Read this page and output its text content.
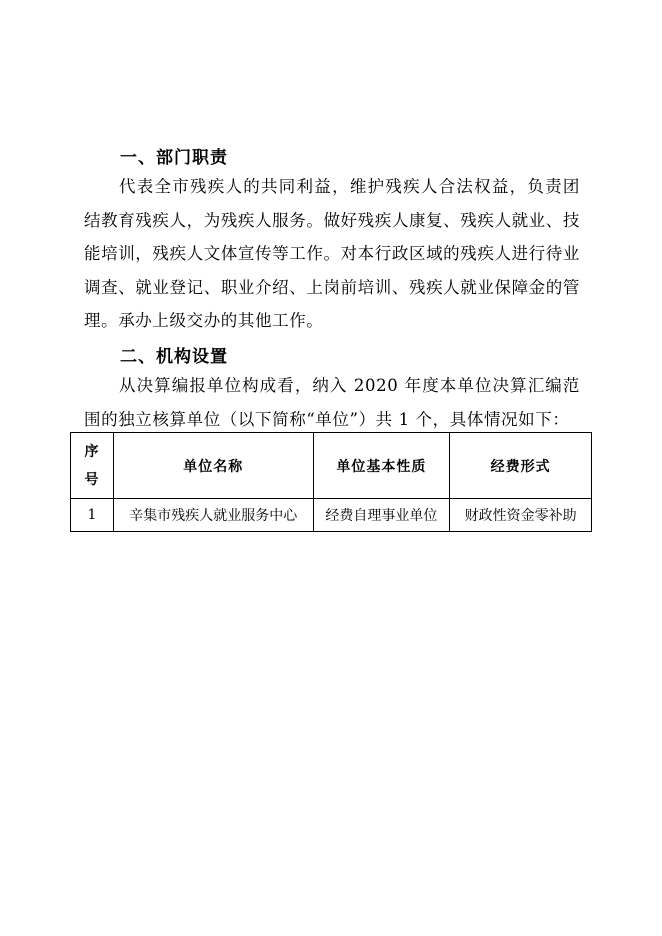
一、部门职责
代表全市残疾人的共同利益，维护残疾人合法权益，负责团结教育残疾人，为残疾人服务。做好残疾人康复、残疾人就业、技能培训，残疾人文体宣传等工作。对本行政区域的残疾人进行待业调查、就业登记、职业介绍、上岗前培训、残疾人就业保障金的管理。承办上级交办的其他工作。
二、机构设置
从决算编报单位构成看，纳入 2020 年度本单位决算汇编范围的独立核算单位（以下简称“单位”）共 1 个，具体情况如下：
序
号	单位名称	单位基本性质	经费形式
1	辛集市残疾人就业服务中心	经费自理事业单位	财政性资金零补助
